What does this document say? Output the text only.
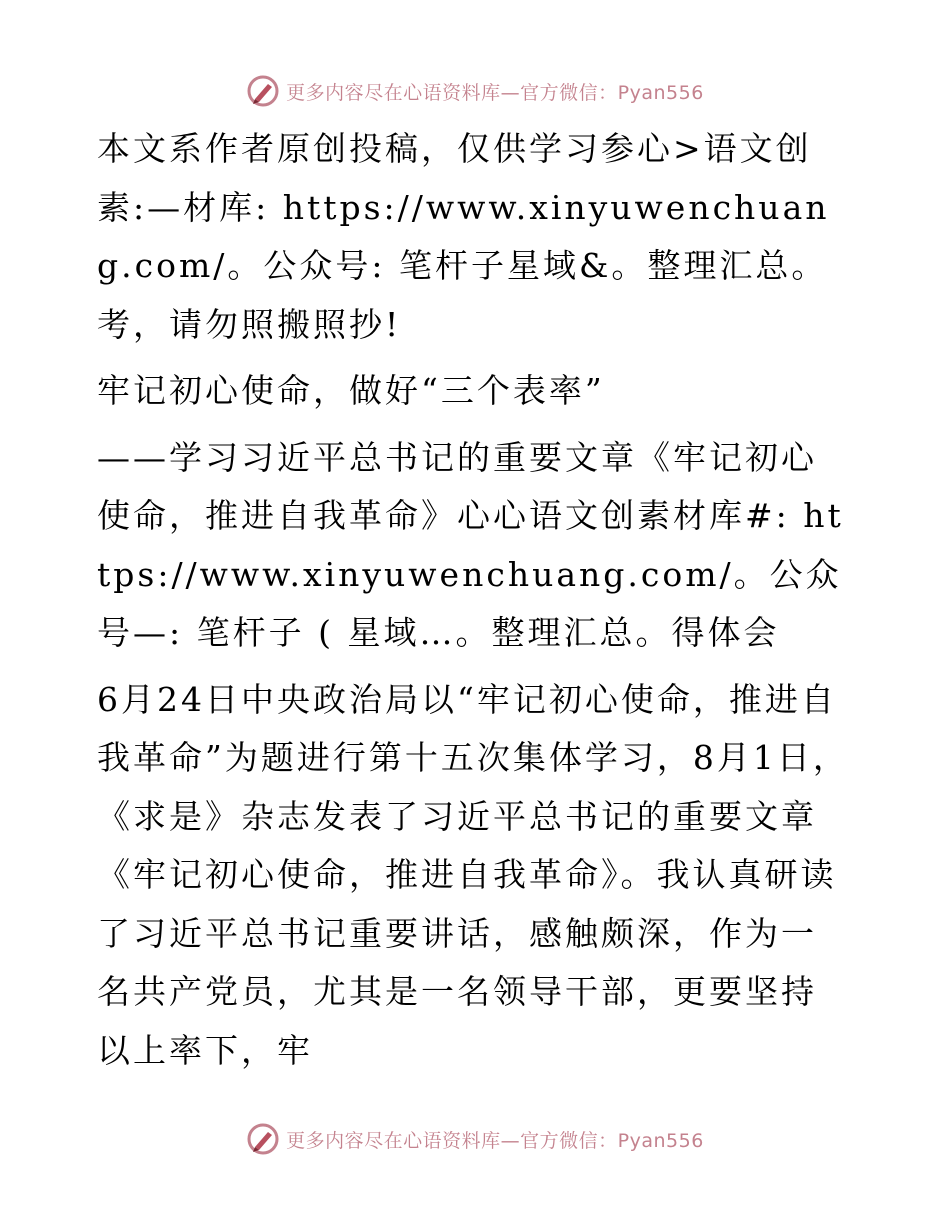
更多内容尽在心语资料库—官方微信：Pyan556

本文系作者原创投稿，仅供学习参心>语文创素:—材库: https://www.xinyuwenchuang.com/。公众号: 笔杆子星域&。整理汇总。考，请勿照搬照抄!

牢记初心使命，做好“三个表率”

——学习习近平总书记的重要文章《牢记初心使命，推进自我革命》心心语文创素材库#: https://www.xinyuwenchuang.com/。公众号—: 笔杆子 ( 星域…。整理汇总。得体会

6月24日中央政治局以“牢记初心使命，推进自我革命”为题进行第十五次集体学习，8月1日，《求是》杂志发表了习近平总书记的重要文章《牢记初心使命，推进自我革命》。我认真研读了习近平总书记重要讲话，感触颇深，作为一名共产党员，尤其是一名领导干部，更要坚持以上率下，牢

更多内容尽在心语资料库—官方微信：Pyan556
